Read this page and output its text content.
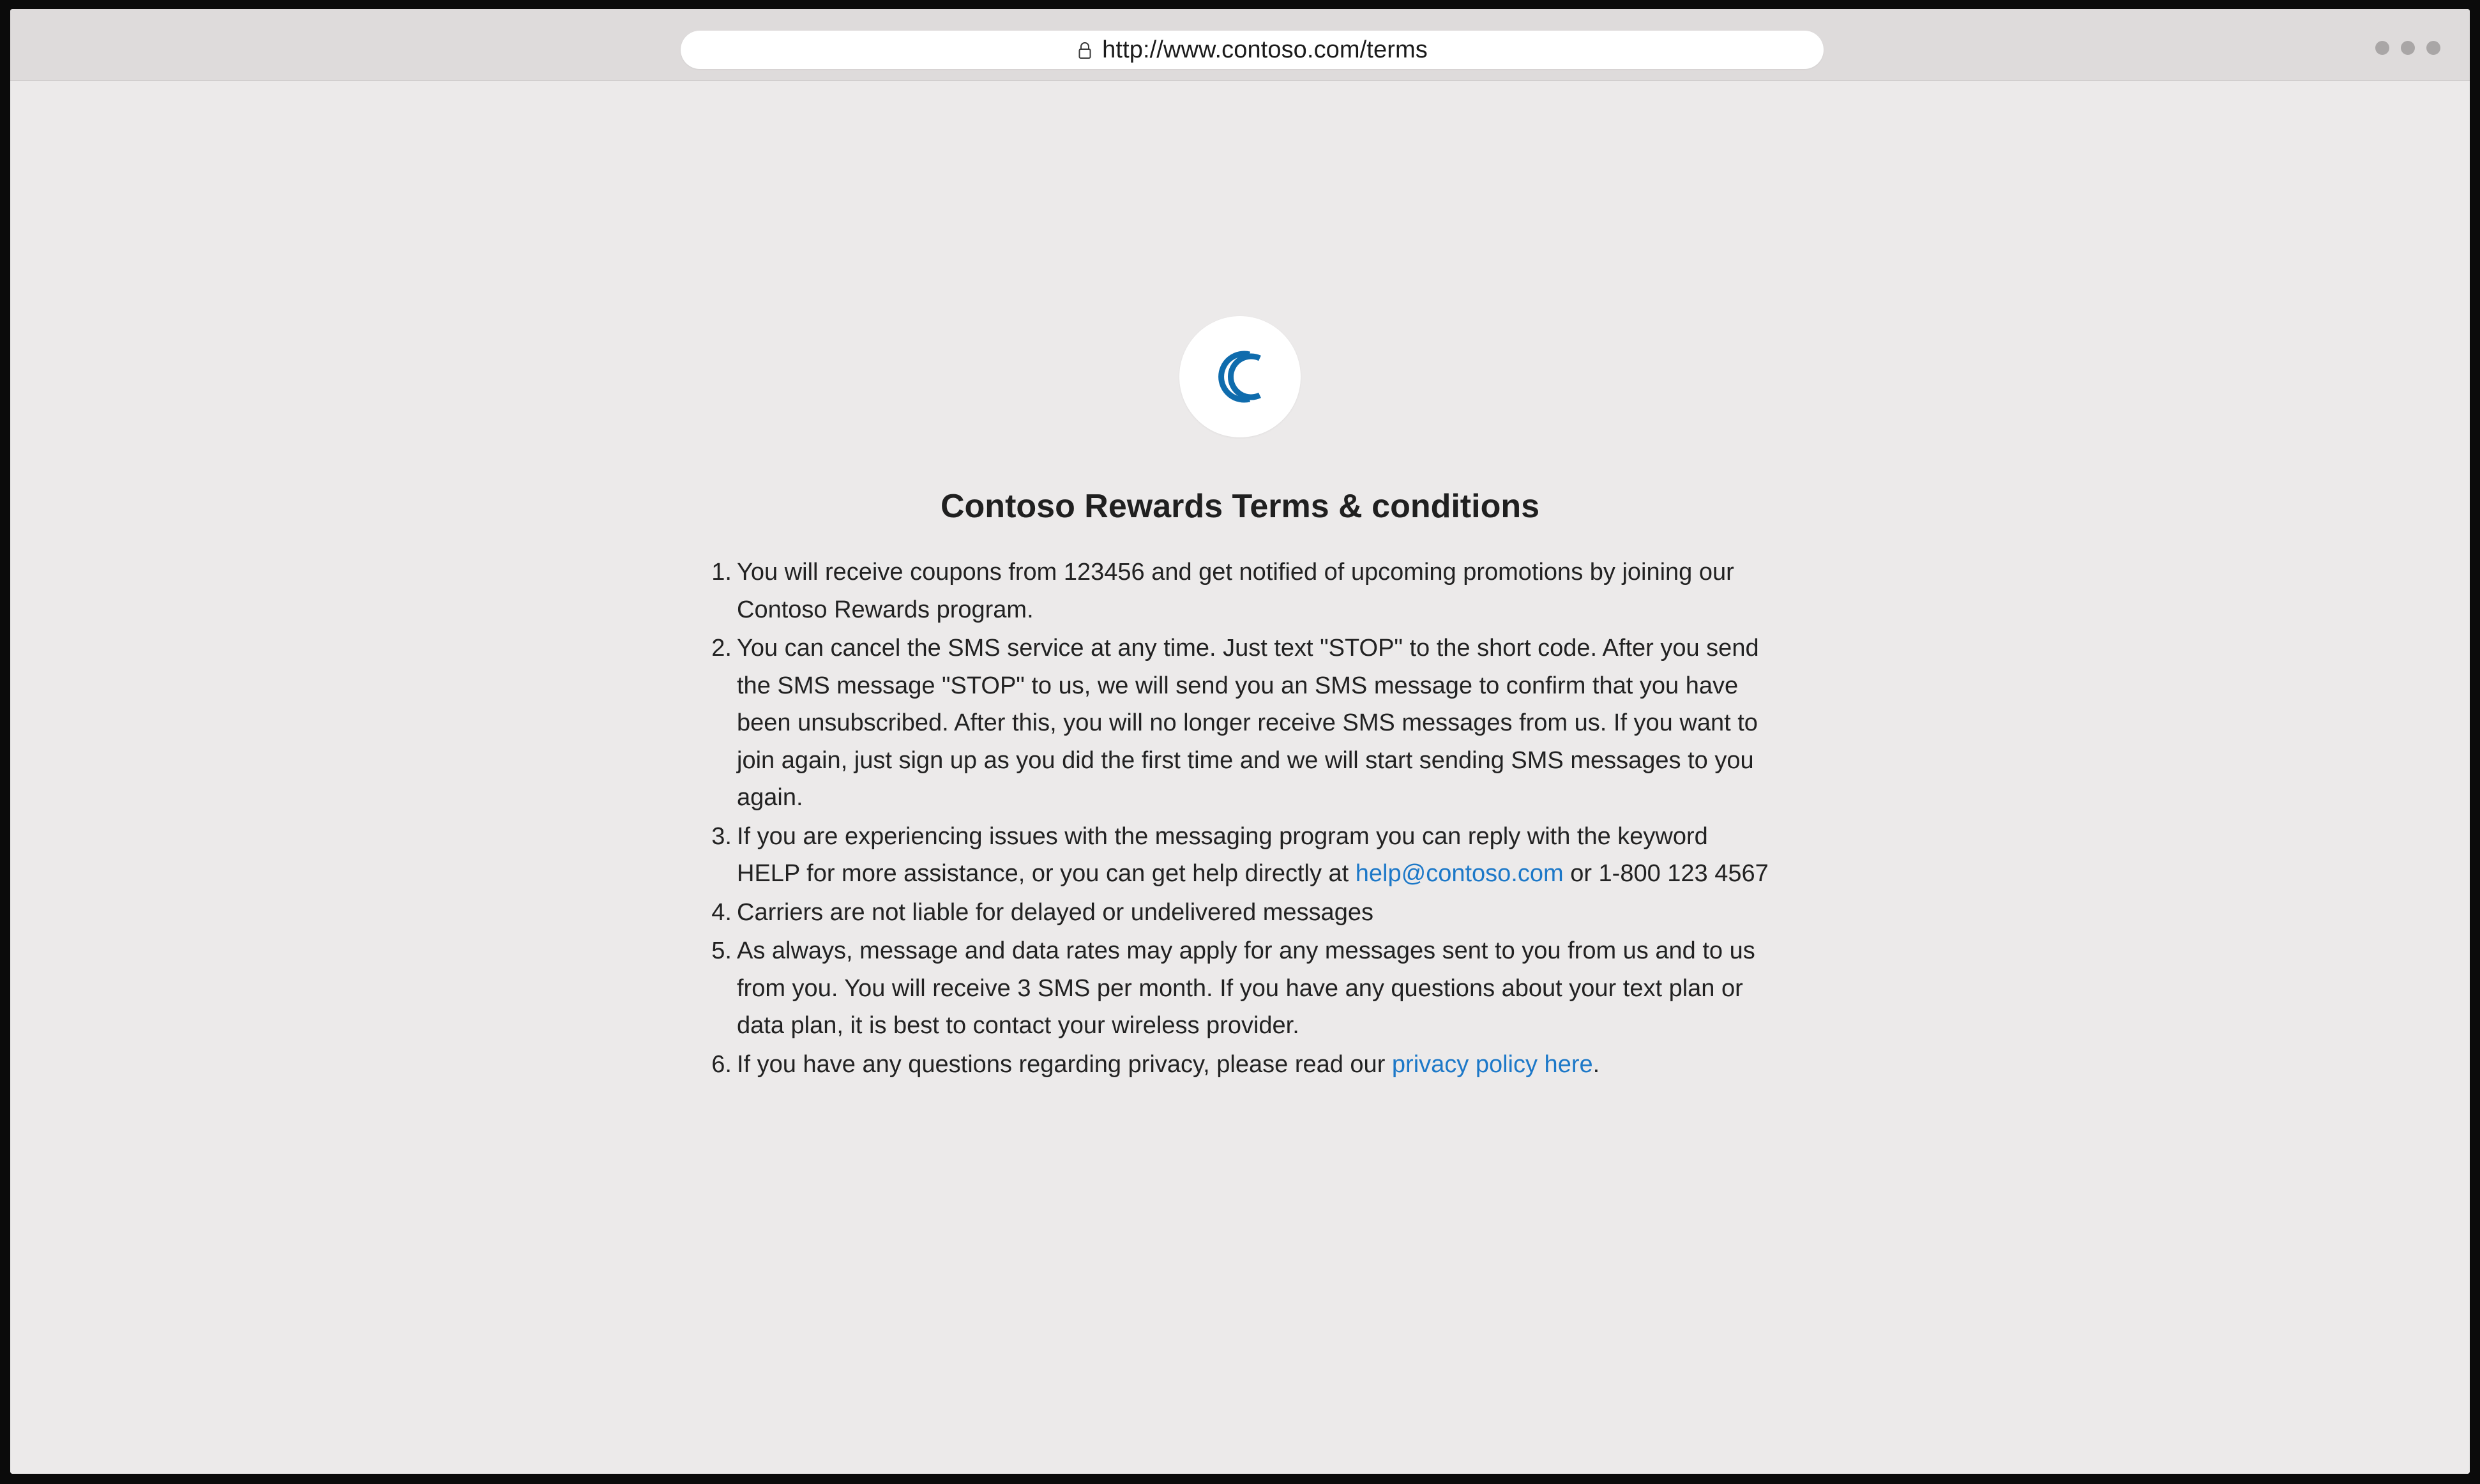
http://www.contoso.com/terms
Contoso Rewards Terms & conditions
1. You will receive coupons from 123456 and get notified of upcoming promotions by joining our Contoso Rewards program.
2. You can cancel the SMS service at any time. Just text "STOP" to the short code. After you send the SMS message "STOP" to us, we will send you an SMS message to confirm that you have been unsubscribed. After this, you will no longer receive SMS messages from us. If you want to join again, just sign up as you did the first time and we will start sending SMS messages to you again.
3. If you are experiencing issues with the messaging program you can reply with the keyword HELP for more assistance, or you can get help directly at help@contoso.com or 1-800 123 4567
4. Carriers are not liable for delayed or undelivered messages
5. As always, message and data rates may apply for any messages sent to you from us and to us from you. You will receive 3 SMS per month. If you have any questions about your text plan or data plan, it is best to contact your wireless provider.
6. If you have any questions regarding privacy, please read our privacy policy here.
